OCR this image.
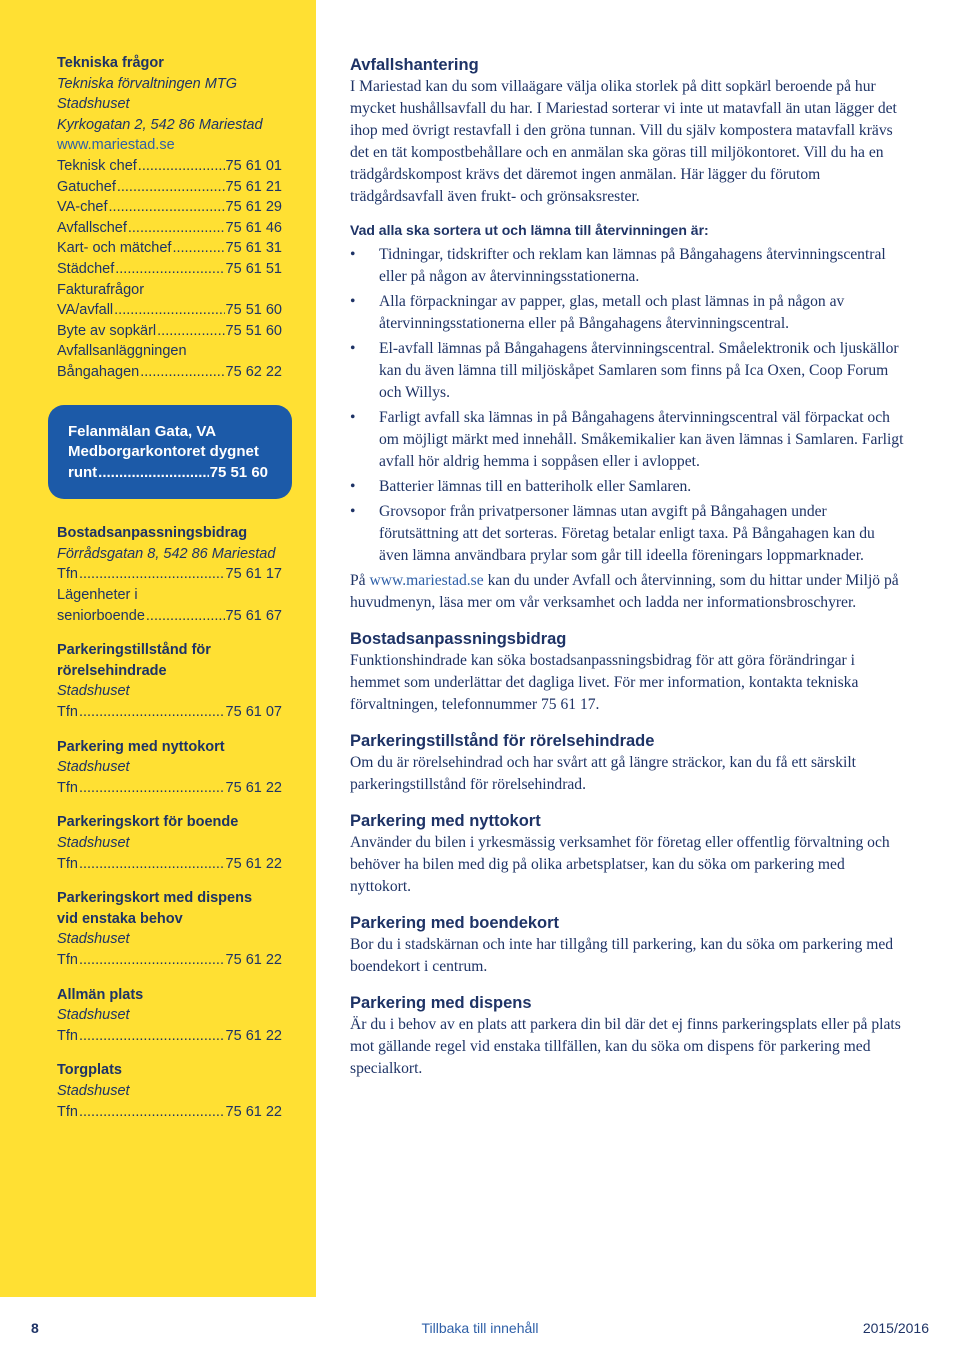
Tekniska frågor
Tekniska förvaltningen MTG
Stadshuset
Kyrkogatan 2, 542 86 Mariestad
www.mariestad.se
Teknisk chef .....	75 61 01
Gatuchef .....	75 61 21
VA-chef .....	75 61 29
Avfallschef .....	75 61 46
Kart- och mätchef .....	75 61 31
Städchef .....	75 61 51
Fakturafrågor
VA/avfall .....	75 51 60
Byte av sopkärl .....	75 51 60
Avfallsanläggningen
Bångahagen .....	75 62 22
Felanmälan Gata, VA
Medborgarkontoret dygnet
runt .....	75 51 60
Bostadsanpassningsbidrag
Förrådsgatan 8, 542 86 Mariestad
Tfn .....	75 61 17
Lägenheter i
seniorboende .....	75 61 67
Parkeringstillstånd för
rörelsehindrade
Stadshuset
Tfn .....	75 61 07
Parkering med nyttokort
Stadshuset
Tfn .....	75 61 22
Parkeringskort för boende
Stadshuset
Tfn .....	75 61 22
Parkeringskort med dispens
vid enstaka behov
Stadshuset
Tfn .....	75 61 22
Allmän plats
Stadshuset
Tfn .....	75 61 22
Torgplats
Stadshuset
Tfn .....	75 61 22
Avfallshantering

I Mariestad kan du som villaägare välja olika storlek på ditt sopkärl beroende på hur mycket hushållsavfall du har. I Mariestad sorterar vi inte ut matavfall än utan lägger det ihop med övrigt restavfall i den gröna tunnan. Vill du själv kompostera matavfall krävs det en tät kompostbehållare och en anmälan ska göras till miljökontoret. Vill du ha en trädgårdskompost krävs det däremot ingen anmälan. Här lägger du förutom trädgårdsavfall även frukt- och grönsaksrester.

Vad alla ska sortera ut och lämna till återvinningen är:

• Tidningar, tidskrifter och reklam kan lämnas på Bångahagens återvinningscentral eller på någon av återvinningsstationerna.
• Alla förpackningar av papper, glas, metall och plast lämnas in på någon av återvinningsstationerna eller på Bångahagens återvinningscentral.
• El-avfall lämnas på Bångahagens återvinningscentral. Småelektronik och ljuskällor kan du även lämna till miljöskåpet Samlaren som finns på Ica Oxen, Coop Forum och Willys.
• Farligt avfall ska lämnas in på Bångahagens återvinningscentral väl förpackat och om möjligt märkt med innehåll. Småkemikalier kan även lämnas i Samlaren. Farligt avfall hör aldrig hemma i soppåsen eller i avloppet.
• Batterier lämnas till en batteriholk eller Samlaren.
• Grovsopor från privatpersoner lämnas utan avgift på Bångahagen under förutsättning att det sorteras. Företag betalar enligt taxa. På Bångahagen kan du även lämna användbara prylar som går till ideella föreningars loppmarknader.

På www.mariestad.se kan du under Avfall och återvinning, som du hittar under Miljö på huvudmenyn, läsa mer om vår verksamhet och ladda ner informationsbroschyrer.

Bostadsanpassningsbidrag

Funktionshindrade kan söka bostadsanpassningsbidrag för att göra förändringar i hemmet som underlättar det dagliga livet. För mer information, kontakta tekniska förvaltningen, telefonnummer 75 61 17.

Parkeringstillstånd för rörelsehindrade

Om du är rörelsehindrad och har svårt att gå längre sträckor, kan du få ett särskilt parkeringstillstånd för rörelsehindrad.

Parkering med nyttokort

Använder du bilen i yrkesmässig verksamhet för företag eller offentlig förvaltning och behöver ha bilen med dig på olika arbetsplatser, kan du söka om parkering med nyttokort.

Parkering med boendekort

Bor du i stadskärnan och inte har tillgång till parkering, kan du söka om parkering med boendekort i centrum.

Parkering med dispens

Är du i behov av en plats att parkera din bil där det ej finns parkeringsplats eller på plats mot gällande regel vid enstaka tillfällen, kan du söka om dispens för parkering med specialkort.

8	Tillbaka till innehåll	2015/2016
